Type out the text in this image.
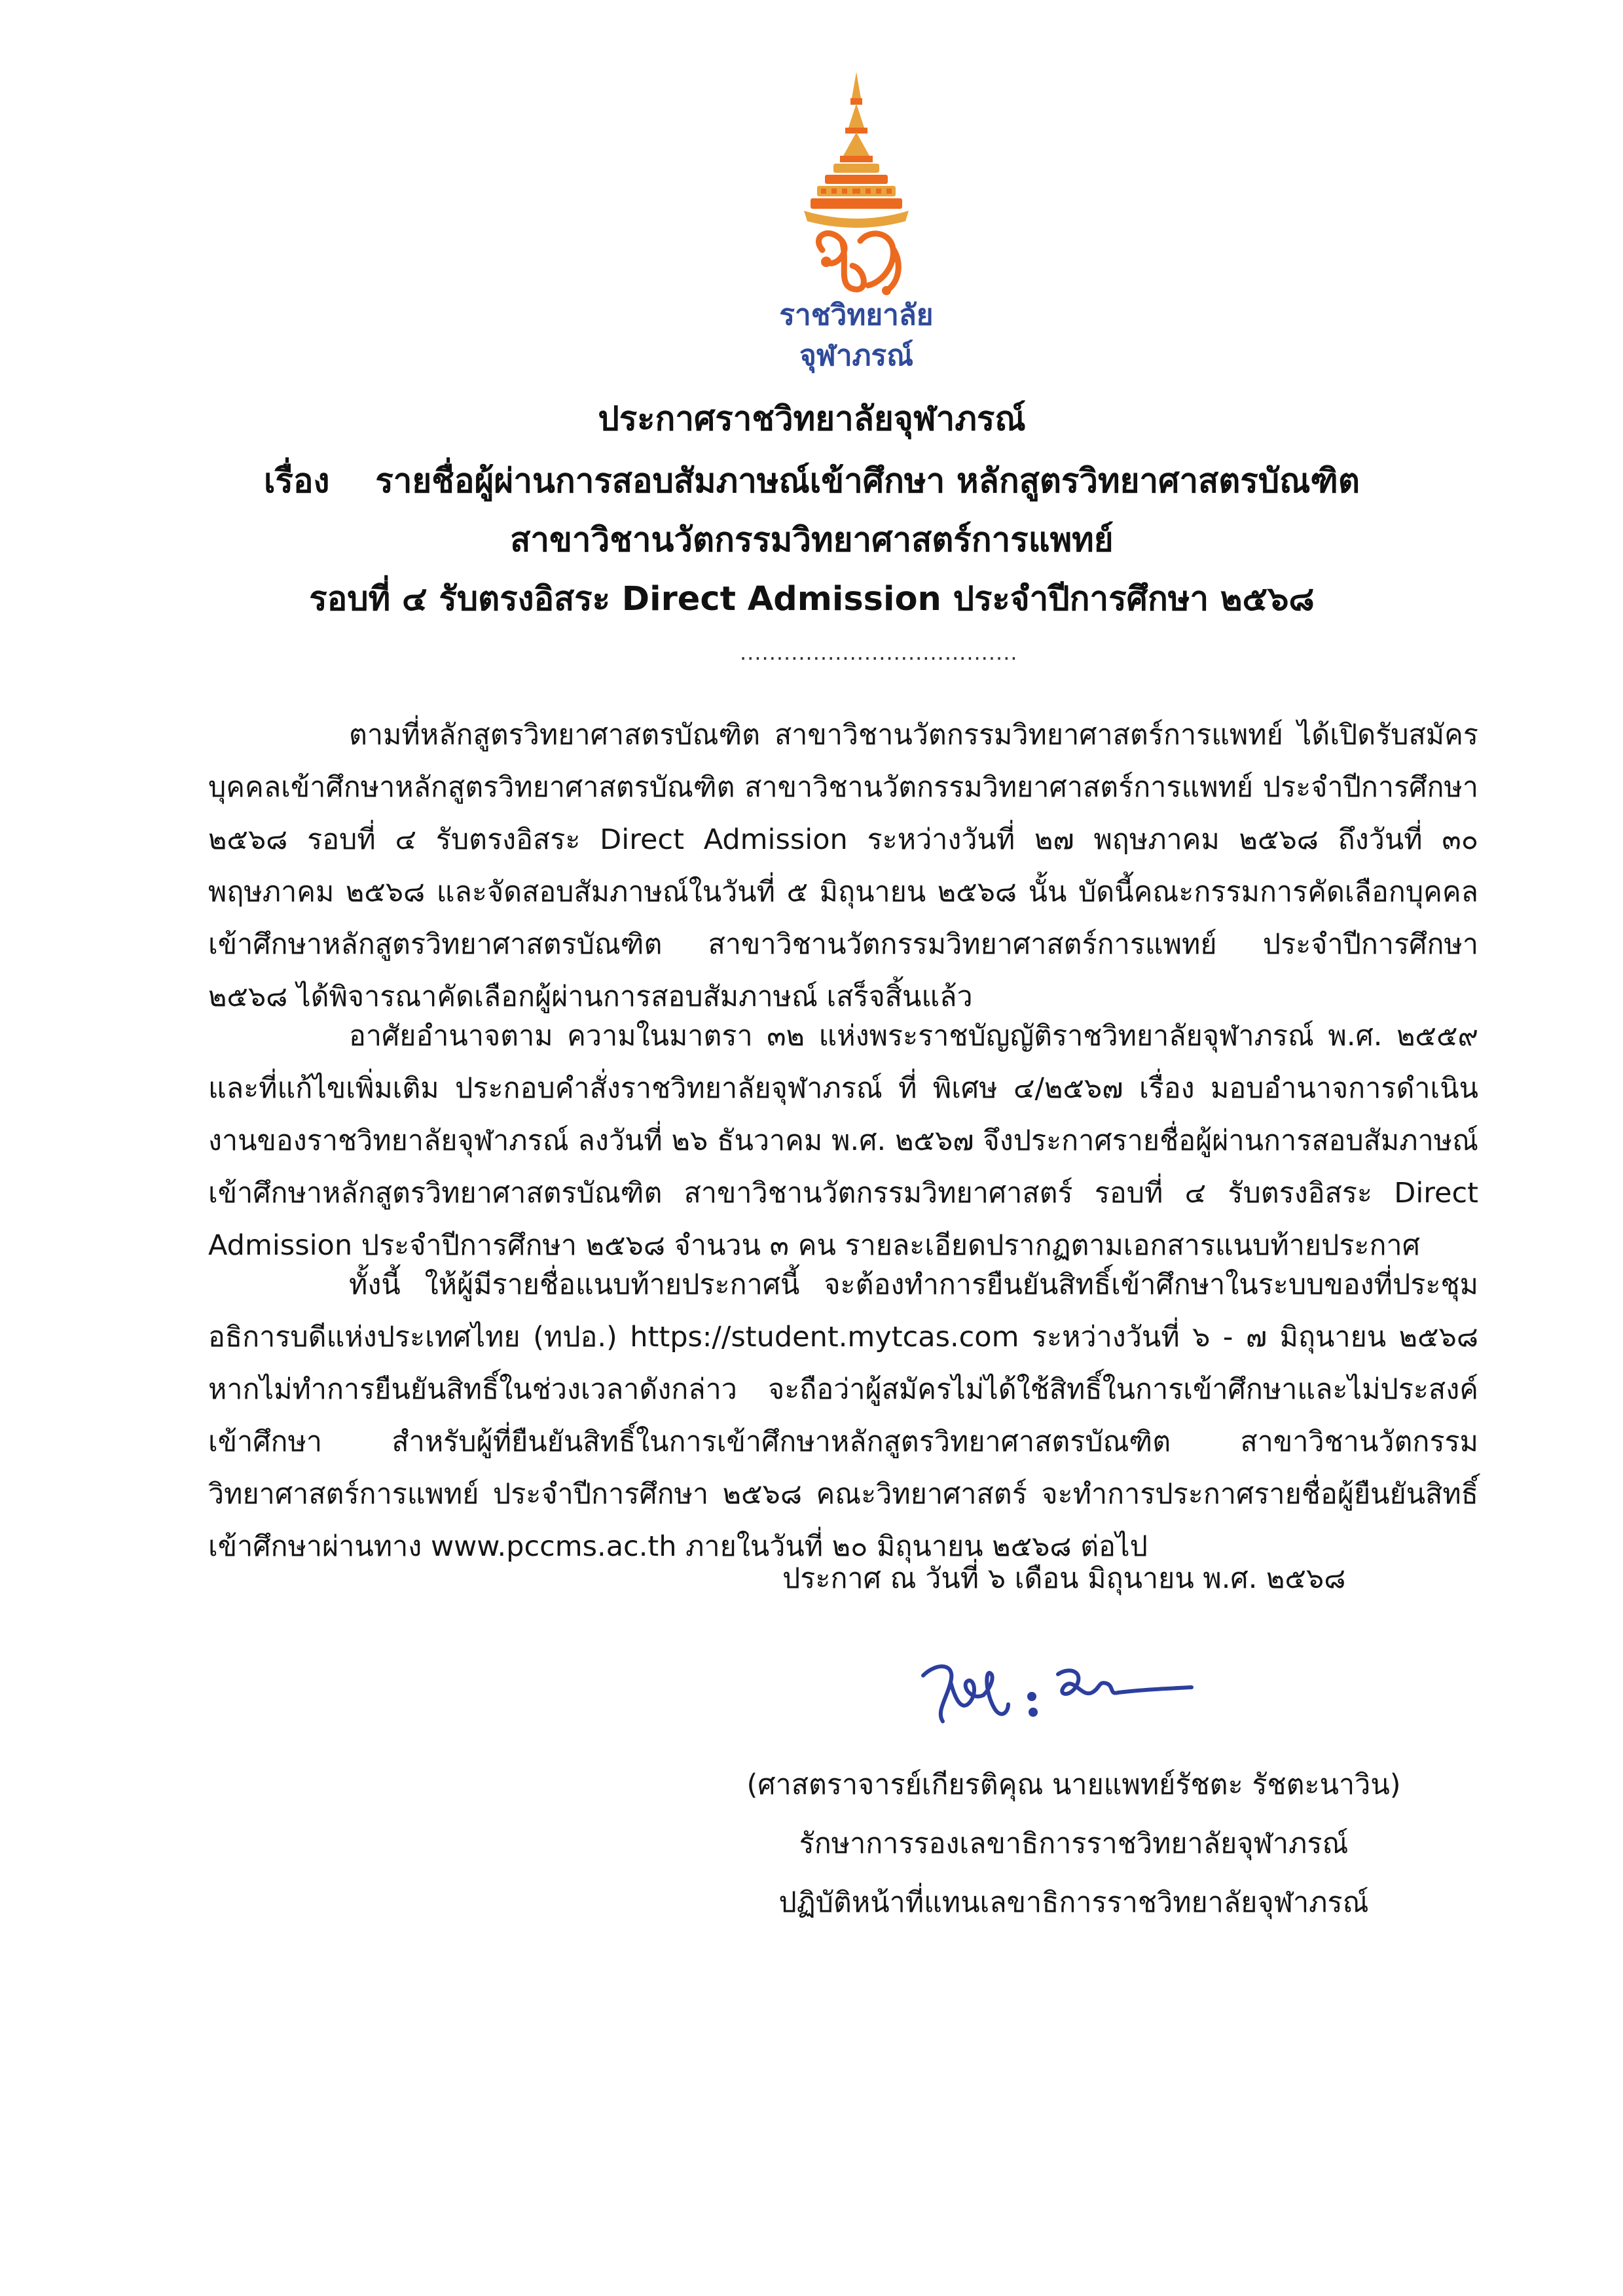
ราชวิทยาลัย
จุฬาภรณ์
ประกาศราชวิทยาลัยจุฬาภรณ์
เรื่อง รายชื่อผู้ผ่านการสอบสัมภาษณ์เข้าศึกษา หลักสูตรวิทยาศาสตรบัณฑิต
สาขาวิชานวัตกรรมวิทยาศาสตร์การแพทย์
รอบที่ ๔ รับตรงอิสระ Direct Admission ประจำปีการศึกษา ๒๕๖๘
......................................

ตามที่หลักสูตรวิทยาศาสตรบัณฑิต สาขาวิชานวัตกรรมวิทยาศาสตร์การแพทย์ ได้เปิดรับสมัครบุคคลเข้าศึกษาหลักสูตรวิทยาศาสตรบัณฑิต สาขาวิชานวัตกรรมวิทยาศาสตร์การแพทย์ ประจำปีการศึกษา ๒๕๖๘ รอบที่ ๔ รับตรงอิสระ Direct Admission ระหว่างวันที่ ๒๗ พฤษภาคม ๒๕๖๘ ถึงวันที่ ๓๐ พฤษภาคม ๒๕๖๘ และจัดสอบสัมภาษณ์ในวันที่ ๕ มิถุนายน ๒๕๖๘ นั้น บัดนี้คณะกรรมการคัดเลือกบุคคลเข้าศึกษาหลักสูตรวิทยาศาสตรบัณฑิต สาขาวิชานวัตกรรมวิทยาศาสตร์การแพทย์ ประจำปีการศึกษา ๒๕๖๘ ได้พิจารณาคัดเลือกผู้ผ่านการสอบสัมภาษณ์ เสร็จสิ้นแล้ว

อาศัยอำนาจตาม ความในมาตรา ๓๒ แห่งพระราชบัญญัติราชวิทยาลัยจุฬาภรณ์ พ.ศ. ๒๕๕๙ และที่แก้ไขเพิ่มเติม ประกอบคำสั่งราชวิทยาลัยจุฬาภรณ์ ที่ พิเศษ ๔/๒๕๖๗ เรื่อง มอบอำนาจการดำเนินงานของราชวิทยาลัยจุฬาภรณ์ ลงวันที่ ๒๖ ธันวาคม พ.ศ. ๒๕๖๗ จึงประกาศรายชื่อผู้ผ่านการสอบสัมภาษณ์เข้าศึกษาหลักสูตรวิทยาศาสตรบัณฑิต สาขาวิชานวัตกรรมวิทยาศาสตร์ รอบที่ ๔ รับตรงอิสระ Direct Admission ประจำปีการศึกษา ๒๕๖๘ จำนวน ๓ คน รายละเอียดปรากฏตามเอกสารแนบท้ายประกาศ

ทั้งนี้ ให้ผู้มีรายชื่อแนบท้ายประกาศนี้ จะต้องทำการยืนยันสิทธิ์เข้าศึกษาในระบบของที่ประชุมอธิการบดีแห่งประเทศไทย (ทปอ.) https://student.mytcas.com ระหว่างวันที่ ๖ - ๗ มิถุนายน ๒๕๖๘ หากไม่ทำการยืนยันสิทธิ์ในช่วงเวลาดังกล่าว จะถือว่าผู้สมัครไม่ได้ใช้สิทธิ์ในการเข้าศึกษาและไม่ประสงค์เข้าศึกษา สำหรับผู้ที่ยืนยันสิทธิ์ในการเข้าศึกษาหลักสูตรวิทยาศาสตรบัณฑิต สาขาวิชานวัตกรรมวิทยาศาสตร์การแพทย์ ประจำปีการศึกษา ๒๕๖๘ คณะวิทยาศาสตร์ จะทำการประกาศรายชื่อผู้ยืนยันสิทธิ์เข้าศึกษาผ่านทาง www.pccms.ac.th ภายในวันที่ ๒๐ มิถุนายน ๒๕๖๘ ต่อไป

ประกาศ ณ วันที่ ๖ เดือน มิถุนายน พ.ศ. ๒๕๖๘
(ศาสตราจารย์เกียรติคุณ นายแพทย์รัชตะ รัชตะนาวิน)
รักษาการรองเลขาธิการราชวิทยาลัยจุฬาภรณ์
ปฏิบัติหน้าที่แทนเลขาธิการราชวิทยาลัยจุฬาภรณ์
